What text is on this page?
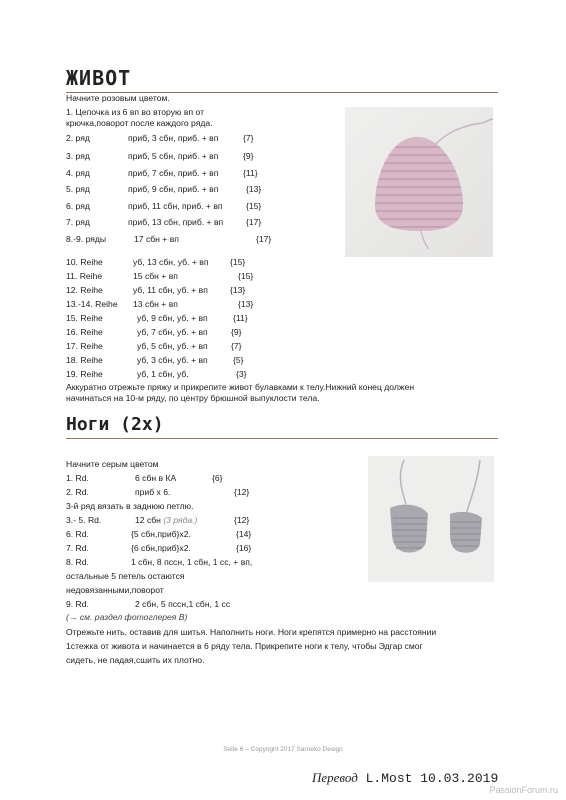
ЖИВОТ
Начните розовым цветом.
1. Цепочка из 6 вп во вторую вп от
крючка,поворот после каждого ряда.
2. ряд	приб, 3 сбн, приб. + вп	{7}
3. ряд	приб, 5 сбн, приб. + вп	{9}
4. ряд	приб, 7 сбн, приб. + вп	{11}
5. ряд	приб, 9 сбн, приб. + вп	{13}
6. ряд	приб, 11 сбн, приб. + вп	{15}
7. ряд	приб, 13 сбн, приб. + вп	{17}
8.-9. ряды	17 сбн + вп	{17}
10. Reihe	уб, 13 сбн, уб. + вп	{15}
11. Reihe	15 сбн + вп	{15}
12. Reihe	уб, 11 сбн, уб. + вп	{13}
13.-14. Reihe 13 сбн + вп	{13}
15. Reihe	уб, 9 сбн, уб. + вп	{11}
16. Reihe	уб, 7 сбн, уб. + вп	{9}
17. Reihe	уб, 5 сбн, уб. + вп	{7}
18. Reihe	уб, 3 сбн, уб. + вп	{5}
19. Reihe	уб, 1 сбн, уб.	{3}
Аккуратно отрежьте пряжу и прикрепите живот булавками к телу.Нижний конец должен
начинаться на 10-м ряду, по центру брюшной выпуклости тела.
Ноги (2x)
Начните серым цветом
1. Rd.	6 сбн в КА	{6}
2. Rd.	приб x 6.	{12}
3-й ряд вязать в заднюю петлю.
3.- 5. Rd.	12 сбн (3 ряда.)	{12}
6. Rd.	{5 сбн,приб}x2.	{14}
7. Rd.	{6 сбн,приб}x2.	{16}
8. Rd.	1 сбн, 8 пссн, 1 сбн, 1 сс, + вп,
остальные 5 петель остаются
недовязанными,поворот
9. Rd.	2 сбн, 5 пссн,1 сбн, 1 сс
(→ см. раздел фотоглерея В)
Отрежьте нить, оставив для шитья. Наполнить ноги. Ноги крепятся примерно на расстоянии
1стежка от живота и начинается в 6 ряду тела. Прикрепите ноги к телу, чтобы Эдгар смог
сидеть, не падая,сшить их плотно.
Seite 6 – Copyright 2017 Sarneko Design
Перевод L.Most 10.03.2019
PassionForum.ru
